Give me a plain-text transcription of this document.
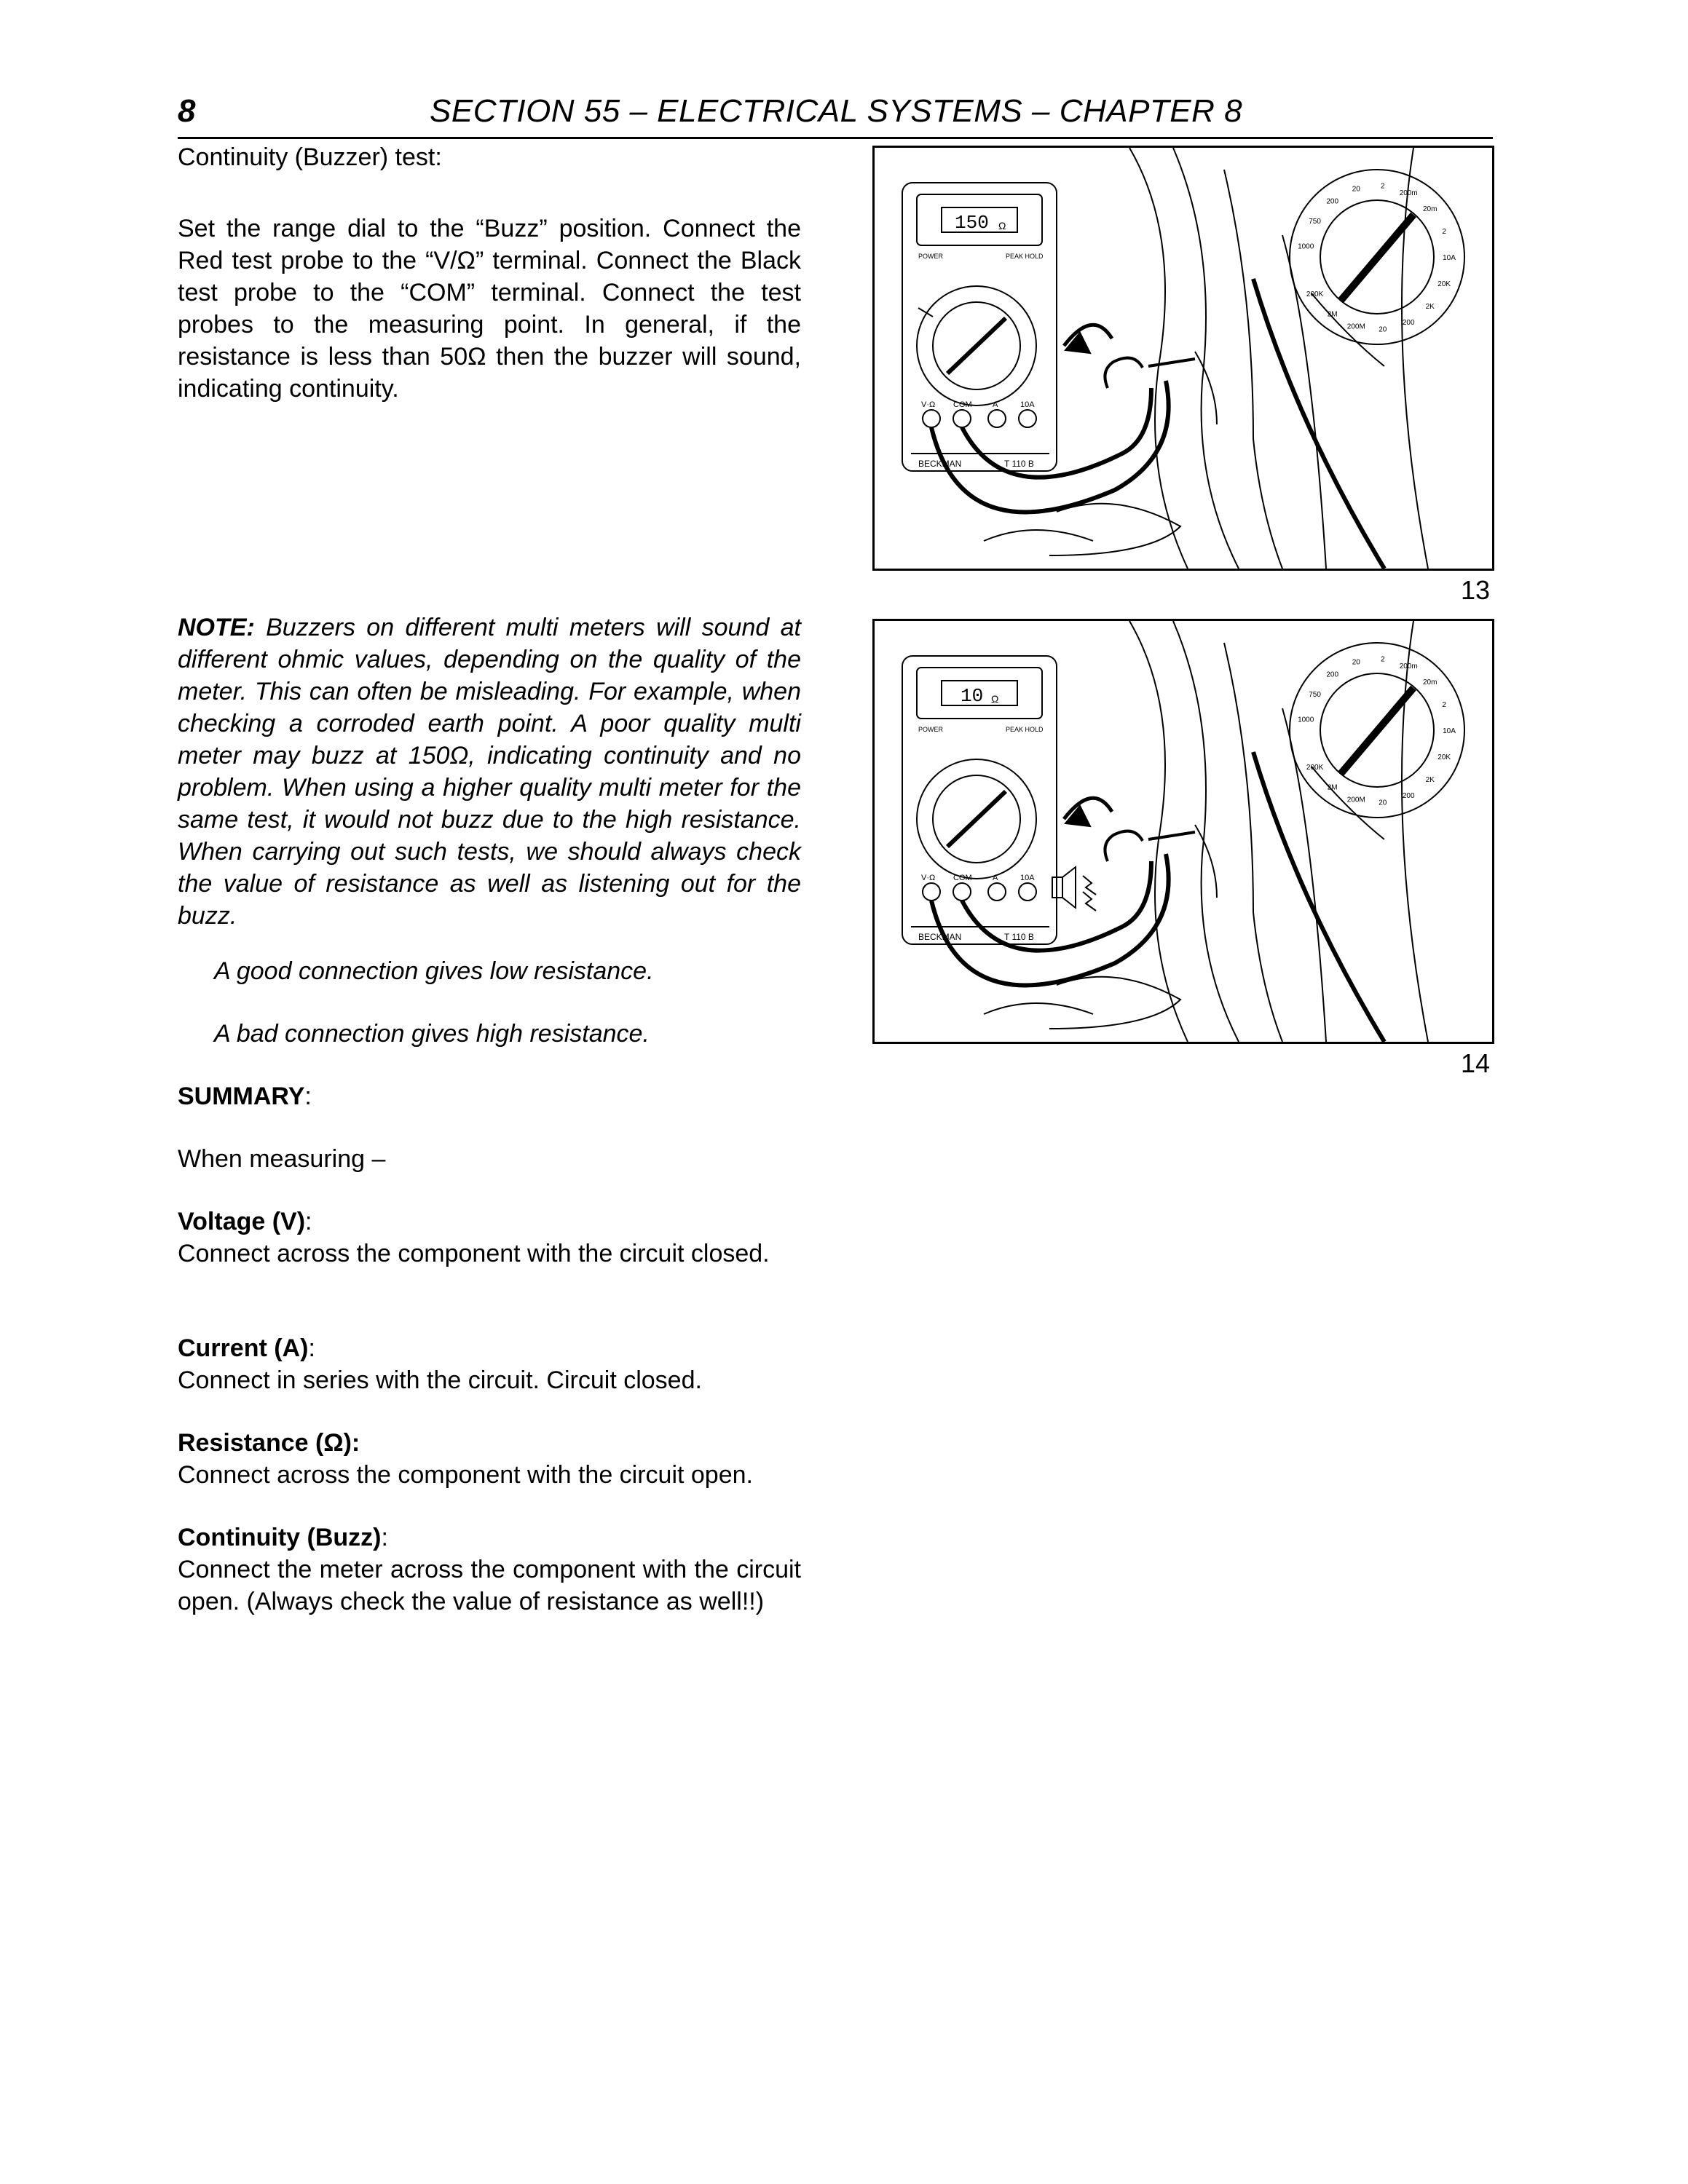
8	SECTION 55 – ELECTRICAL SYSTEMS – CHAPTER 8
Continuity (Buzzer) test:
Set the range dial to the “Buzz” position. Connect the Red test probe to the “V/Ω” terminal. Connect the Black test probe to the “COM” terminal. Connect the test probes to the measuring point. In general, if the resistance is less than 50Ω then the buzzer will sound, indicating continuity.
NOTE: Buzzers on different multi meters will sound at different ohmic values, depending on the quality of the meter. This can often be misleading. For example, when checking a corroded earth point. A poor quality multi meter may buzz at 150Ω, indicating continuity and no problem. When using a higher quality multi meter for the same test, it would not buzz due to the high resistance. When carrying out such tests, we should always check the value of resistance as well as listening out for the buzz.
A good connection gives low resistance.
A bad connection gives high resistance.
SUMMARY:
When measuring –
Voltage (V):
Connect across the component with the circuit closed.
Current (A):
Connect in series with the circuit. Circuit closed.
Resistance (Ω):
Connect across the component with the circuit open.
Continuity (Buzz):
Connect the meter across the component with the circuit open. (Always check the value of resistance as well!!)
150 Ω
POWER	PEAK HOLD
V·Ω COM	A	10A
BECKMAN	T 110 B
1000
750
200
20	2
200m
20m
2
10A
20K
2K
200
20
200M
2M
200K
13
10 Ω
POWER	PEAK HOLD
V·Ω COM	A	10A
BECKMAN	T 110 B
1000
750
200
20	2
200m
20m
2
10A
20K
2K
200
20
200M
2M
200K
14
